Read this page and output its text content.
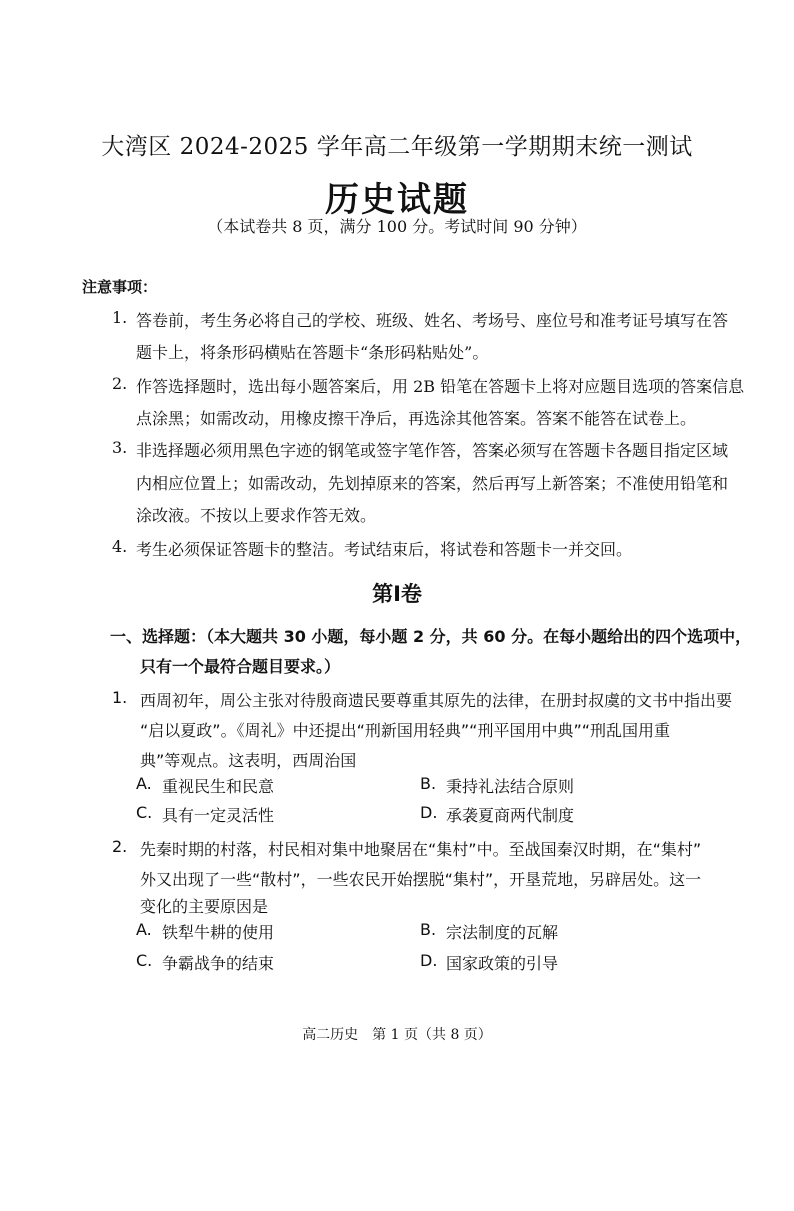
大湾区 2024-2025 学年高二年级第一学期期末统一测试
历史试题
（本试卷共 8 页，满分 100 分。考试时间 90 分钟）
注意事项：
1. 答卷前，考生务必将自己的学校、班级、姓名、考场号、座位号和准考证号填写在答
题卡上，将条形码横贴在答题卡“条形码粘贴处”。
2. 作答选择题时，选出每小题答案后，用 2B 铅笔在答题卡上将对应题目选项的答案信息
点涂黑；如需改动，用橡皮擦干净后，再选涂其他答案。答案不能答在试卷上。
3. 非选择题必须用黑色字迹的钢笔或签字笔作答，答案必须写在答题卡各题目指定区域
内相应位置上；如需改动，先划掉原来的答案，然后再写上新答案；不准使用铅笔和
涂改液。不按以上要求作答无效。
4. 考生必须保证答题卡的整洁。考试结束后，将试卷和答题卡一并交回。
第Ⅰ卷
一、选择题：（本大题共 30 小题，每小题 2 分，共 60 分。在每小题给出的四个选项中，
只有一个最符合题目要求。）
1. 西周初年，周公主张对待殷商遗民要尊重其原先的法律，在册封叔虞的文书中指出要
“启以夏政”。《周礼》中还提出“刑新国用轻典”“刑平国用中典”“刑乱国用重
典”等观点。这表明，西周治国
A. 重视民生和民意	B. 秉持礼法结合原则
C. 具有一定灵活性	D. 承袭夏商两代制度
2. 先秦时期的村落，村民相对集中地聚居在“集村”中。至战国秦汉时期，在“集村”
外又出现了一些“散村”，一些农民开始摆脱“集村”，开垦荒地，另辟居处。这一
变化的主要原因是
A. 铁犁牛耕的使用	B. 宗法制度的瓦解
C. 争霸战争的结束	D. 国家政策的引导
高二历史　第 1 页（共 8 页）
